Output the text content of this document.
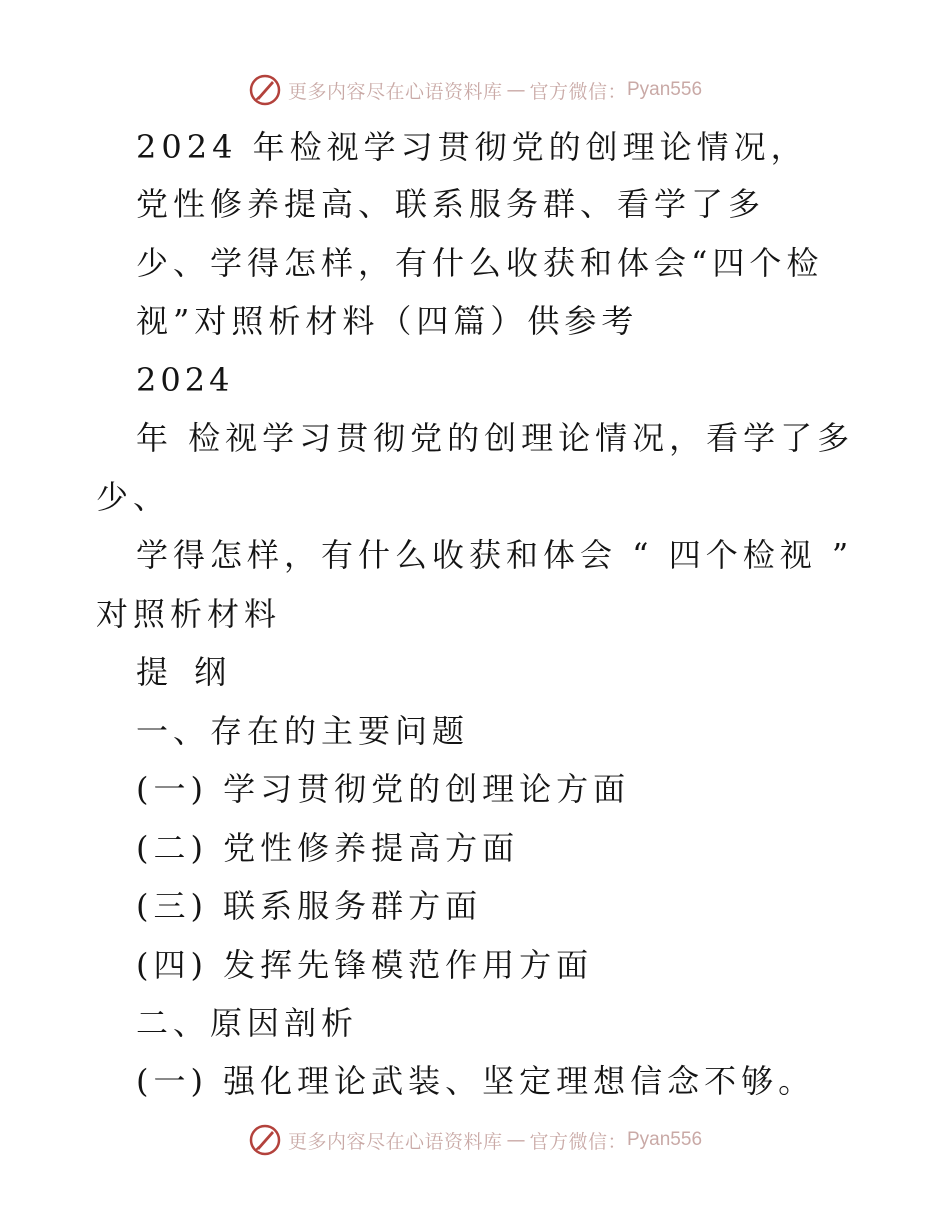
更多内容尽在心语资料库 — 官方微信： Pyan556
2024 年检视学习贯彻党的创理论情况，
党性修养提高、联系服务群、看学了多
少、学得怎样，有什么收获和体会“四个检
视”对照析材料（四篇）供参考
2024
年 检视学习贯彻党的创理论情况，看学了多
少、
学得怎样，有什么收获和体会 “ 四个检视 ”
对照析材料
提 纲
一、存在的主要问题
(一) 学习贯彻党的创理论方面
(二) 党性修养提高方面
(三) 联系服务群方面
(四) 发挥先锋模范作用方面
二、原因剖析
(一) 强化理论武装、坚定理想信念不够。
更多内容尽在心语资料库 — 官方微信： Pyan556
